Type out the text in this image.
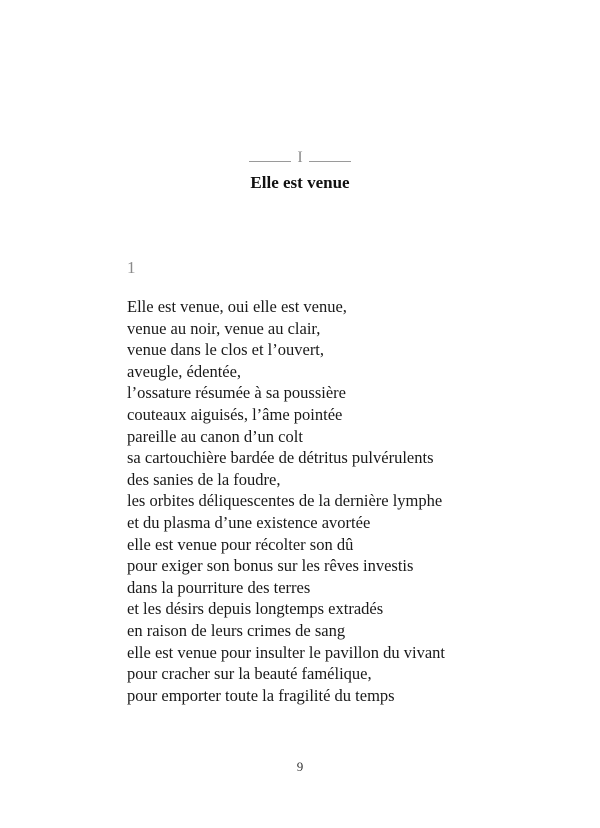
I
Elle est venue
1
Elle est venue, oui elle est venue,
venue au noir, venue au clair,
venue dans le clos et l’ouvert,
aveugle, édentée,
l’ossature résumée à sa poussière
couteaux aiguisés, l’âme pointée
pareille au canon d’un colt
sa cartouchière bardée de détritus pulvérulents
des sanies de la foudre,
les orbites déliquescentes de la dernière lymphe
et du plasma d’une existence avortée
elle est venue pour récolter son dû
pour exiger son bonus sur les rêves investis
dans la pourriture des terres
et les désirs depuis longtemps extradés
en raison de leurs crimes de sang
elle est venue pour insulter le pavillon du vivant
pour cracher sur la beauté famélique,
pour emporter toute la fragilité du temps
9
